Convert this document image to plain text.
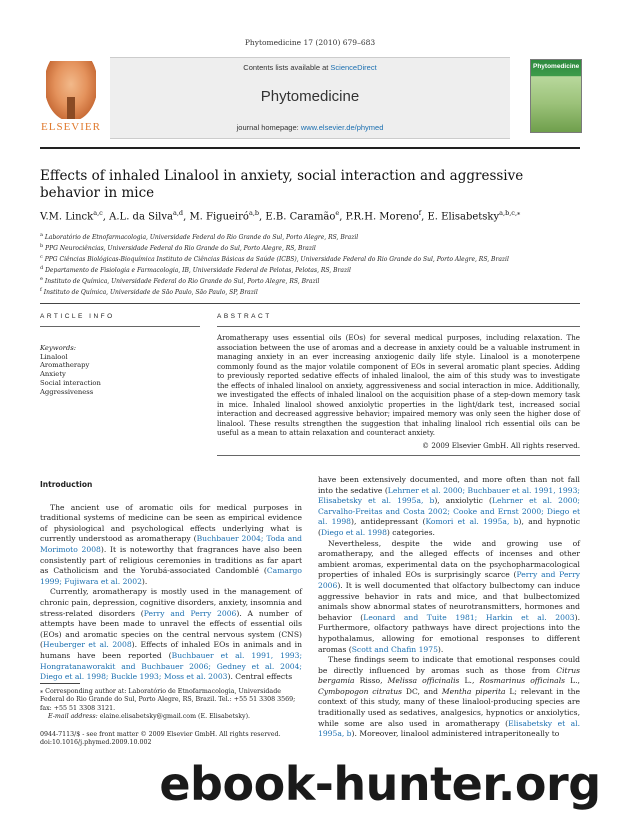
Phytomedicine 17 (2010) 679–683
ELSEVIER
Contents lists available at ScienceDirect
Phytomedicine
journal homepage: www.elsevier.de/phymed
Phytomedicine
Effects of inhaled Linalool in anxiety, social interaction and aggressive behavior in mice
V.M. Linck$^{a,c}$, A.L. da Silva$^{a,d}$, M. Figueiró$^{a,b}$, E.B. Caramão$^e$, P.R.H. Moreno$^f$, E. Elisabetsky$^{a,b,c,⁎}$
$^a$ Laboratório de Etnofarmacologia, Universidade Federal do Rio Grande do Sul, Porto Alegre, RS, Brazil
$^b$ PPG Neurociências, Universidade Federal do Rio Grande do Sul, Porto Alegre, RS, Brazil
$^c$ PPG Ciências Biológicas-Bioquímica Instituto de Ciências Básicas da Saúde (ICBS), Universidade Federal do Rio Grande do Sul, Porto Alegre, RS, Brazil
$^d$ Departamento de Fisiologia e Farmacologia, IB, Universidade Federal de Pelotas, Pelotas, RS, Brazil
$^e$ Instituto de Química, Universidade Federal do Rio Grande do Sul, Porto Alegre, RS, Brazil
$^f$ Instituto de Química, Universidade de São Paulo, São Paulo, SP, Brazil
ARTICLE INFO
Keywords:
Linalool
Aromatherapy
Anxiety
Social interaction
Aggressiveness
ABSTRACT
Aromatherapy uses essential oils (EOs) for several medical purposes, including relaxation. The association between the use of aromas and a decrease in anxiety could be a valuable instrument in managing anxiety in an ever increasing anxiogenic daily life style. Linalool is a monoterpene commonly found as the major volatile component of EOs in several aromatic plant species. Adding to previously reported sedative effects of inhaled linalool, the aim of this study was to investigate the effects of inhaled linalool on anxiety, aggressiveness and social interaction in mice. Additionally, we investigated the effects of inhaled linalool on the acquisition phase of a step-down memory task in mice. Inhaled linalool showed anxiolytic properties in the light/dark test, increased social interaction and decreased aggressive behavior; impaired memory was only seen the higher dose of linalool. These results strengthen the suggestion that inhaling linalool rich essential oils can be useful as a mean to attain relaxation and counteract anxiety.
© 2009 Elsevier GmbH. All rights reserved.
Introduction

The ancient use of aromatic oils for medical purposes in traditional systems of medicine can be seen as empirical evidence of physiological and psychological effects underlying what is currently understood as aromatherapy (Buchbauer 2004; Toda and Morimoto 2008). It is noteworthy that fragrances have also been consistently part of religious ceremonies in traditions as far apart as Catholicism and the Yorubá-associated Candomblé (Camargo 1999; Fujiwara et al. 2002).

Currently, aromatherapy is mostly used in the management of chronic pain, depression, cognitive disorders, anxiety, insomnia and stress-related disorders (Perry and Perry 2006). A number of attempts have been made to unravel the effects of essential oils (EOs) and aromatic species on the central nervous system (CNS) (Heuberger et al. 2008). Effects of inhaled EOs in animals and in humans have been reported (Buchbauer et al. 1991, 1993; Hongratanaworakit and Buchbauer 2006; Gedney et al. 2004; Diego et al. 1998; Buckle 1993; Moss et al. 2003). Central effects

have been extensively documented, and more often than not fall into the sedative (Lehrner et al. 2000; Buchbauer et al. 1991, 1993; Elisabetsky et al. 1995a, b), anxiolytic (Lehrner et al. 2000; Carvalho-Freitas and Costa 2002; Cooke and Ernst 2000; Diego et al. 1998), antidepressant (Komori et al. 1995a, b), and hypnotic (Diego et al. 1998) categories.

Nevertheless, despite the wide and growing use of aromatherapy, and the alleged effects of incenses and other ambient aromas, experimental data on the psychopharmacological properties of inhaled EOs is surprisingly scarce (Perry and Perry 2006). It is well documented that olfactory bulbectomy can induce aggressive behavior in rats and mice, and that bulbectomized animals show abnormal states of neurotransmitters, hormones and behavior (Leonard and Tuite 1981; Harkin et al. 2003). Furthermore, olfactory pathways have direct projections into the hypothalamus, allowing for emotional responses to different aromas (Scott and Chafin 1975).

These findings seem to indicate that emotional responses could be directly influenced by aromas such as those from Citrus bergamia Risso, Melissa officinalis L., Rosmarinus officinals L., Cymbopogon citratus DC, and Mentha piperita L; relevant in the context of this study, many of these linalool-producing species are traditionally used as sedatives, analgesics, hypnotics or anxiolytics, while some are also used in aromatherapy (Elisabetsky et al. 1995a, b). Moreover, linalool administered intraperitoneally to

⁎ Corresponding author at: Laboratório de Etnofarmacologia, Universidade Federal do Rio Grande do Sul, Porto Alegre, RS, Brazil. Tel.: +55 51 3308 3569; fax: +55 51 3308 3121.
E-mail address: elaine.elisabetsky@gmail.com (E. Elisabetsky).
0944-7113/$ - see front matter © 2009 Elsevier GmbH. All rights reserved.
doi:10.1016/j.phymed.2009.10.002
ebook-hunter.org
